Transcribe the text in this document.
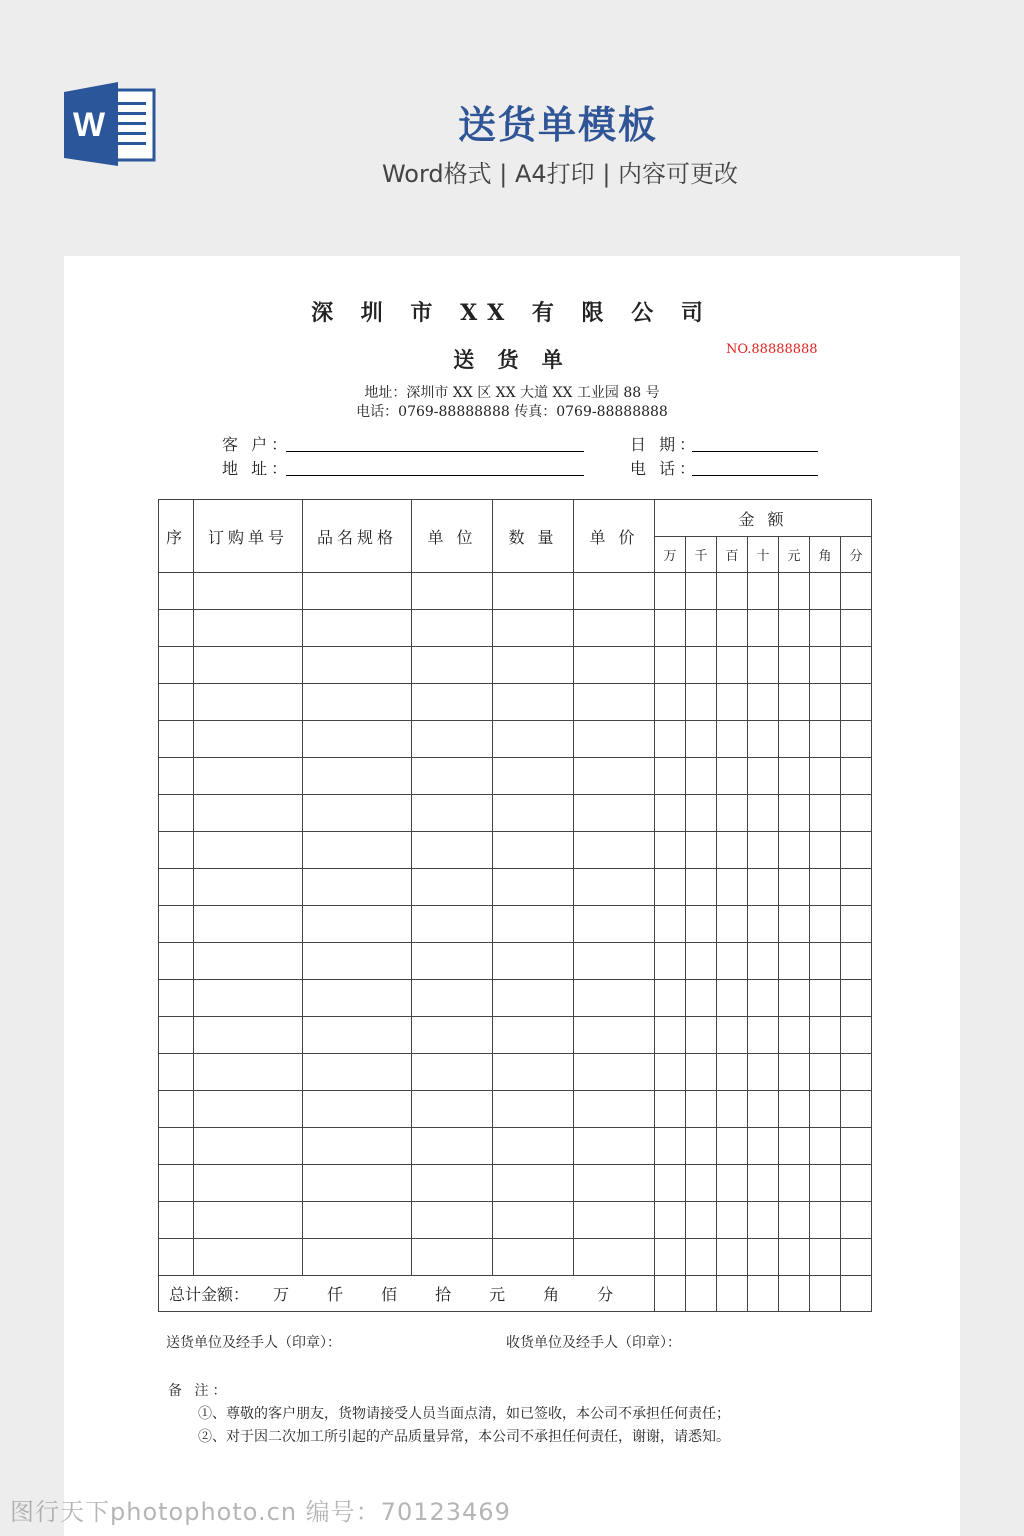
W	送货单模板
Word格式 | A4打印 | 内容可更改
深 圳 市 XX 有 限 公 司
送 货 单	NO.88888888
地址：深圳市 XX 区 XX 大道 XX 工业园 88 号
电话：0769-88888888 传真：0769-88888888
客 户：
地 址：
日 期：
电 话：
序	订购单号	品名规格	单 位	数 量	单 价	金 额						
						万	千	百	十	元	角	分

总计金额： 万 仟 佰 拾 元 角 分												
送货单位及经手人（印章）：	收货单位及经手人（印章）：
备 注：
①、尊敬的客户朋友，货物请接受人员当面点清，如已签收，本公司不承担任何责任；
②、对于因二次加工所引起的产品质量异常，本公司不承担任何责任，谢谢，请悉知。
图行天下photophoto.cn 编号：70123469
